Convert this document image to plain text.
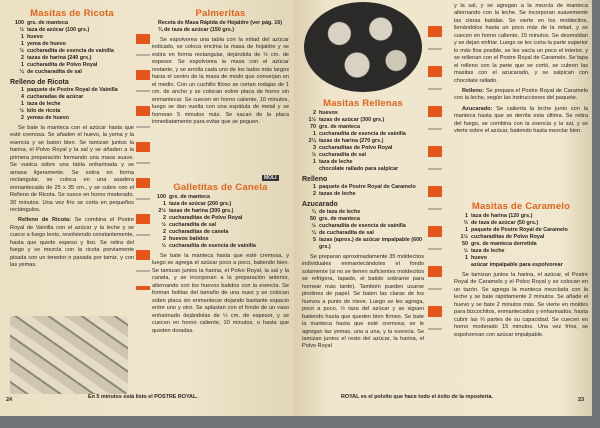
Masitas de Ricota
100 grs. de manteca
½ taza de azúcar (100 grs.)
1 huevo
1 yema de huevo
½ cucharadita de esencia de vainilla
2 tazas de harina (240 grs.)
1 cucharadita de Polvo Royal
¼ de cucharadita de sal
Relleno de Ricota
1 paquete de Postre Royal de Vainilla
4 cucharadas de azúcar
1 taza de leche
½ kilo de ricota
2 yemas de huevo

Se bate la manteca con el azúcar hasta que esté cremosa. Se añaden el huevo, la yema y la esencia y se baten bien. Se tamizan juntos la harina, el Polvo Royal y la sal y se añaden a la primera preparación formando una masa suave. Se vuelca sobre una tabla enharinada y se amasa ligeramente. Se estira en forma rectangular, se coloca en una asadera enmantecada de 25 x 35 cm., y se cubre con el Relleno de Ricota. Se cuece en horno moderado, 30 minutos. Una vez frío se corta en pequeños rectángulos.

Relleno de Ricota: Se combina el Postre Royal de Vainilla con el azúcar y la leche y se cuece a fuego lento, revolviendo constantemente, hasta que quede espeso y liso. Se retira del fuego y se mezcla con la ricota previamente pisada con un tenedor o pasada por tamiz, y con las yemas.

Palmeritas
Receta de Masa Rápida de Hojaldre (ver pág. 16)
¾ de taza de azúcar (150 grs.)

Se espolvorea una tabla con la mitad del azúcar indicado, se coloca encima la masa de hojaldre y se estira en forma rectangular, dejándola de ½ cm. de espesor. Se espolvorea la masa con el azúcar restante, y se arrolla cada uno de los lados más largos hacia el centro de la masa de modo que converjan en el medio. Con un cuchillo filoso se cortan rodajas de 1 cm. de ancho y se colocan sobre placa de horno sin enmantecar. Se cuecen en horno caliente, 10 minutos, luego se dan vuelta con una espátula de metal y se hornean 5 minutos más. Se sacan de la placa inmediatamente para evitar que se peguen.

MOLI
Galletitas de Canela
100 grs. de manteca
1 taza de azúcar (200 grs.)
2½ tazas de harina (300 grs.)
2 cucharaditas de Polvo Royal
½ cucharadita de sal
2 cucharaditas de canela
2 huevos batidos
½ cucharadita de esencia de vainilla

Se bate la manteca hasta que esté cremosa, y luego se agrega el azúcar poco a poco, batiendo bien. Se tamizan juntos la harina, el Polvo Royal, la sal y la canela, y se incorporan a la preparación anterior, alternando con los huevos batidos con la esencia. Se forman bolitas del tamaño de una nuez y se colocan sobre placa sin enmantecar dejando bastante espacio entre uno y otro. Se aplastan con el fondo de un vaso enharinado dejándolas de ½ cm. de espesor, y se cuecen en horno caliente, 10 minutos, o hasta que queden doradas.

En 5 minutos está listo el POSTRE ROYAL.
24
Masitas Rellenas
2 huevos
1½ tazas de azúcar (300 grs.)
70 grs. de manteca
1 cucharadita de esencia de vainilla
2¼ tazas de harina (270 grs.)
3 cucharaditas de Polvo Royal
½ cucharadita de sal
1 taza de leche
chocolate rallado para salpicar
Relleno
1 paquete de Postre Royal de Caramelo
2 tazas de leche
Azucarado
¼ de taza de leche
50 grs. de manteca
½ cucharadita de esencia de vainilla
¼ de cucharadita de sal
5 tazas (aprox.) de azúcar impalpable (600 grs.)

Se preparan aproximadamente 35 moldecitos individuales enmantecándoles el fondo solamente (si no se tienen suficientes moldecitos se refrigera, tapado, el batido sobrante para hornear más tarde). También pueden usarse pirotines de papel. Se baten las claras de los huevos a punto de nieve. Luego se les agrega, poco a poco, ½ taza del azúcar y se siguen batiendo hasta que queden bien firmes. Se bate la manteca hasta que esté cremosa; se le agregan las yemas, una a una, y la esencia. Se tamizan juntos el resto del azúcar, la harina, el Polvo Royal

y la sal, y se agregan a la mezcla de manteca alternando con la leche. Se incorporan suavemente las claras batidas. Se vierte en los moldecitos, llenándolos hasta un poco más de la mitad, y se cuecen en horno caliente, 15 minutos. Se desmoldan y se dejan enfriar. Luego se les corta la parte superior lo más fina posible, se les vacía un poco el interior, y se rellenan con el Postre Royal de Caramelo. Se tapa el relleno con la parte que se cortó, se cubren las masitas con el azucarado, y se salpican con chocolate rallado.

Relleno: Se prepara el Postre Royal de Caramelo con la leche, según las instrucciones del paquete.

Azucarado: Se calienta la leche junto con la manteca hasta que se derrita esta última. Se retira del fuego, se combina con la esencia y la sal, y se vierte sobre el azúcar, batiendo hasta mezclar bien.

Masitas de Caramelo
1 taza de harina (120 grs.)
⅓ de taza de azúcar (50 grs.)
1 paquete de Postre Royal de Caramelo
1½ cucharaditas de Polvo Royal
50 grs. de manteca derretida
½ taza de leche
1 huevo
azúcar impalpable para espolvorear

Se tamizan juntos la harina, el azúcar, el Postre Royal de Caramelo y el Polvo Royal y se colocan en un tazón. Se agrega la manteca mezclada con la leche y se bate rápidamente 2 minutos. Se añade el huevo y se bate 2 minutos más. Se vierte en moldes para bizcochitos, enmantecados y enharinados, hasta cubrir las ⅔ partes de su capacidad. Se cuecen en horno moderado 15 minutos. Una vez fríos, se espolvorean con azúcar impalpable.

ROYAL es el polvito que hace todo el éxito de la repostería.	23
